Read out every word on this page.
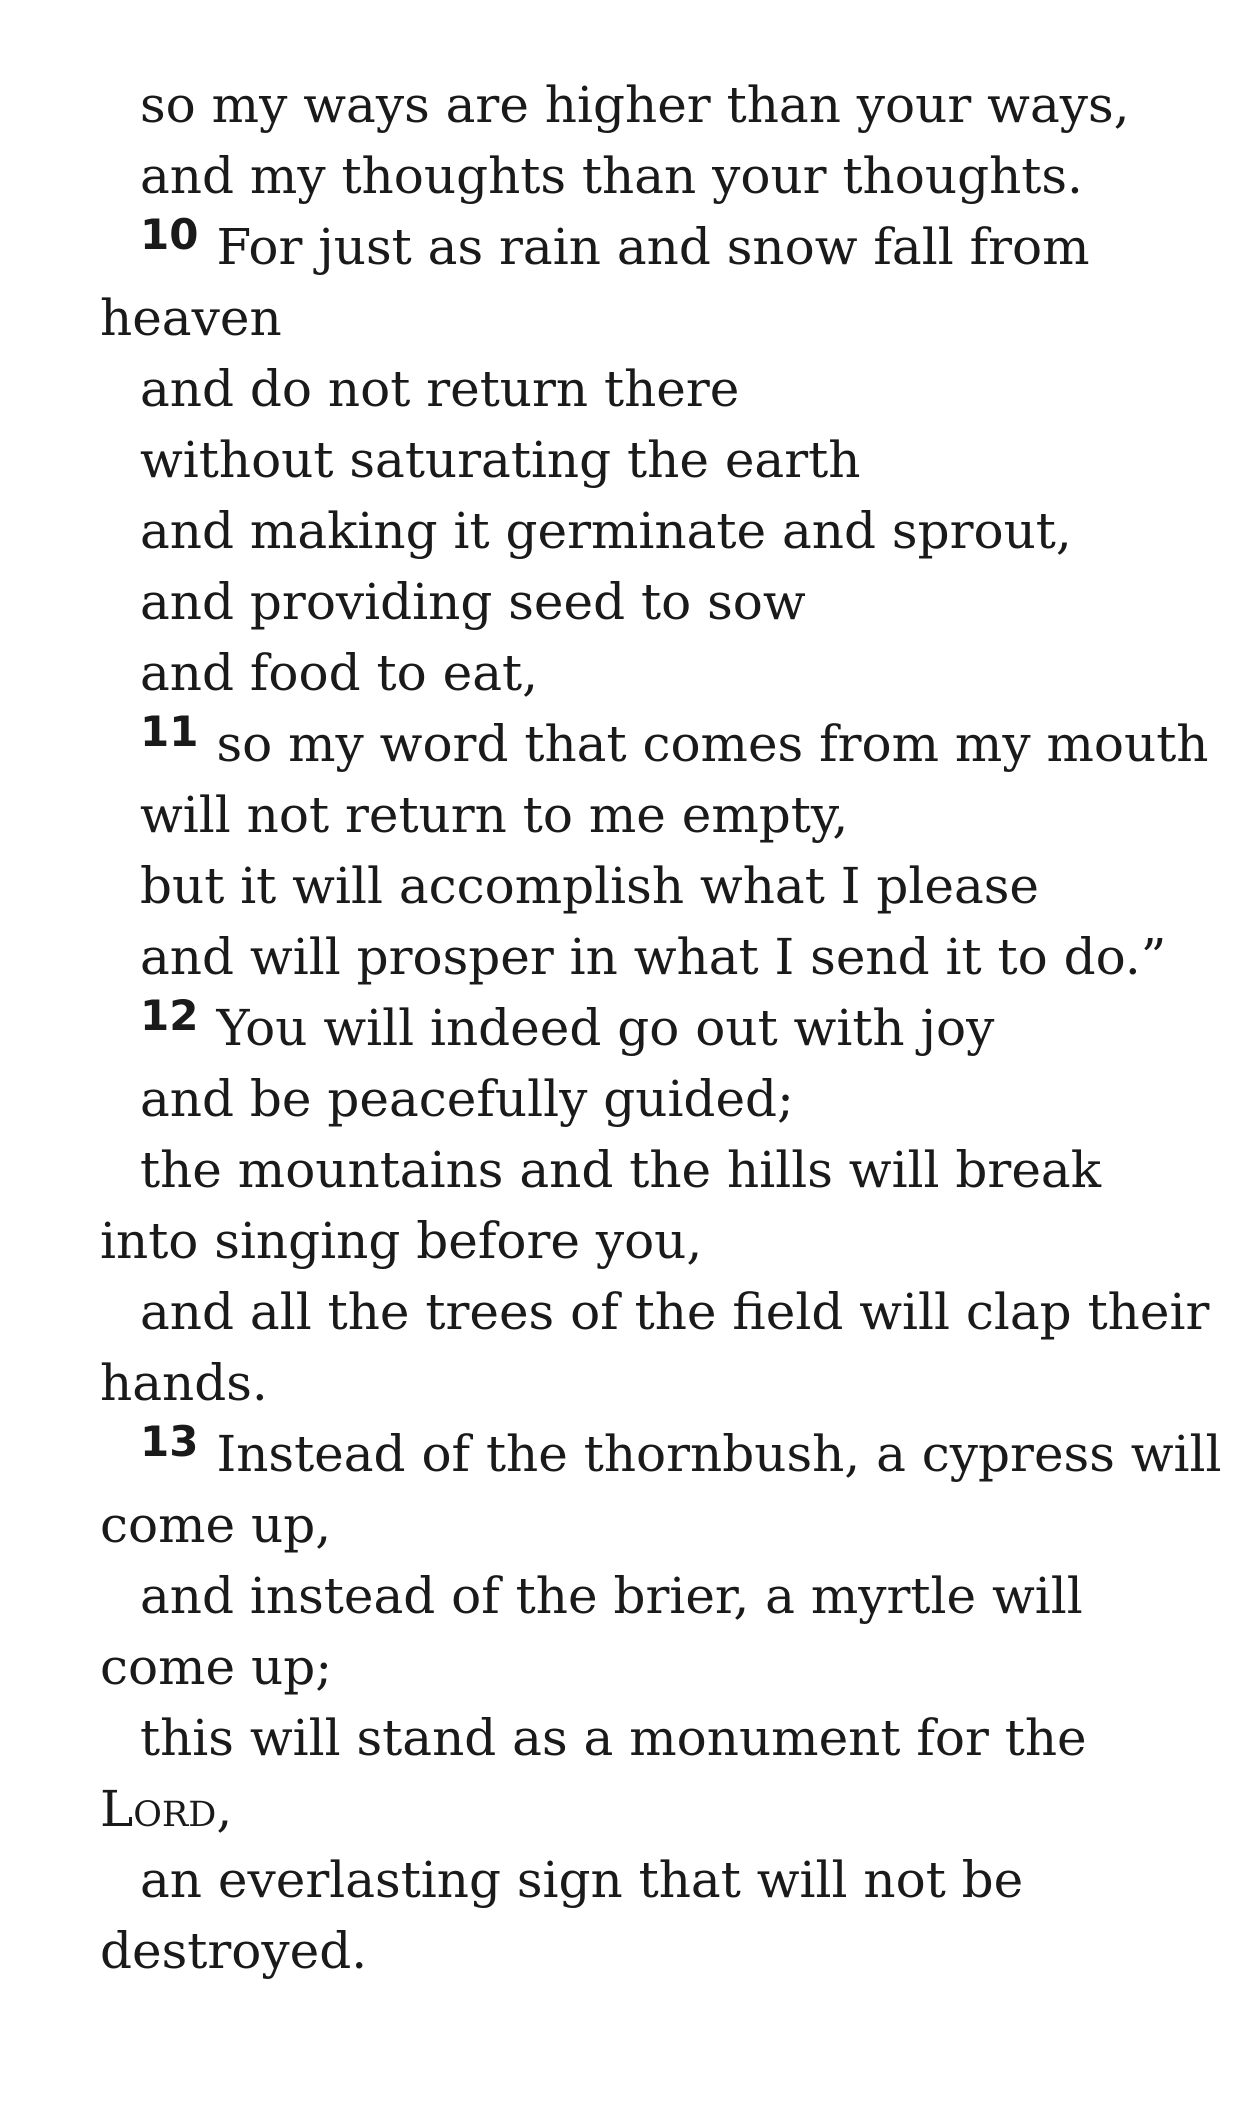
so my ways are higher than your ways,
and my thoughts than your thoughts.
10 For just as rain and snow fall from
heaven
and do not return there
without saturating the earth
and making it germinate and sprout,
and providing seed to sow
and food to eat,
11 so my word that comes from my mouth
will not return to me empty,
but it will accomplish what I please
and will prosper in what I send it to do.”
12 You will indeed go out with joy
and be peacefully guided;
the mountains and the hills will break
into singing before you,
and all the trees of the field will clap their
hands.
13 Instead of the thornbush, a cypress will
come up,
and instead of the brier, a myrtle will
come up;
this will stand as a monument for the
Lord,
an everlasting sign that will not be
destroyed.
